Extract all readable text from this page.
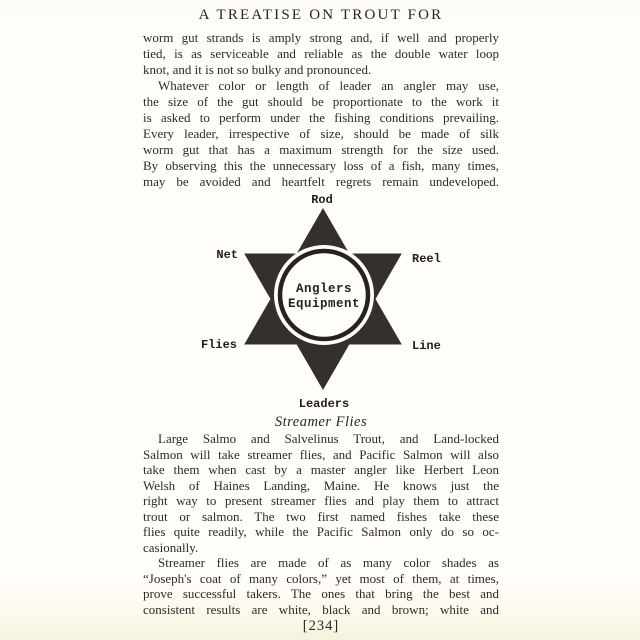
A TREATISE ON TROUT FOR
worm gut strands is amply strong and, if well and properly
tied, is as serviceable and reliable as the double water loop
knot, and it is not so bulky and pronounced.
Whatever color or length of leader an angler may use,
the size of the gut should be proportionate to the work it
is asked to perform under the fishing conditions prevailing.
Every leader, irrespective of size, should be made of silk
worm gut that has a maximum strength for the size used.
By observing this the unnecessary loss of a fish, many times,
may be avoided and heartfelt regrets remain undeveloped.
Rod
Reel
Line
Leaders
Flies
Net
Anglers
Equipment
Streamer Flies
Large Salmo and Salvelinus Trout, and Land-locked
Salmon will take streamer flies, and Pacific Salmon will also
take them when cast by a master angler like Herbert Leon
Welsh of Haines Landing, Maine. He knows just the
right way to present streamer flies and play them to attract
trout or salmon. The two first named fishes take these
flies quite readily, while the Pacific Salmon only do so oc-
casionally.
Streamer flies are made of as many color shades as
“Joseph's coat of many colors,” yet most of them, at times,
prove successful takers. The ones that bring the best and
consistent results are white, black and brown; white and
[234]
